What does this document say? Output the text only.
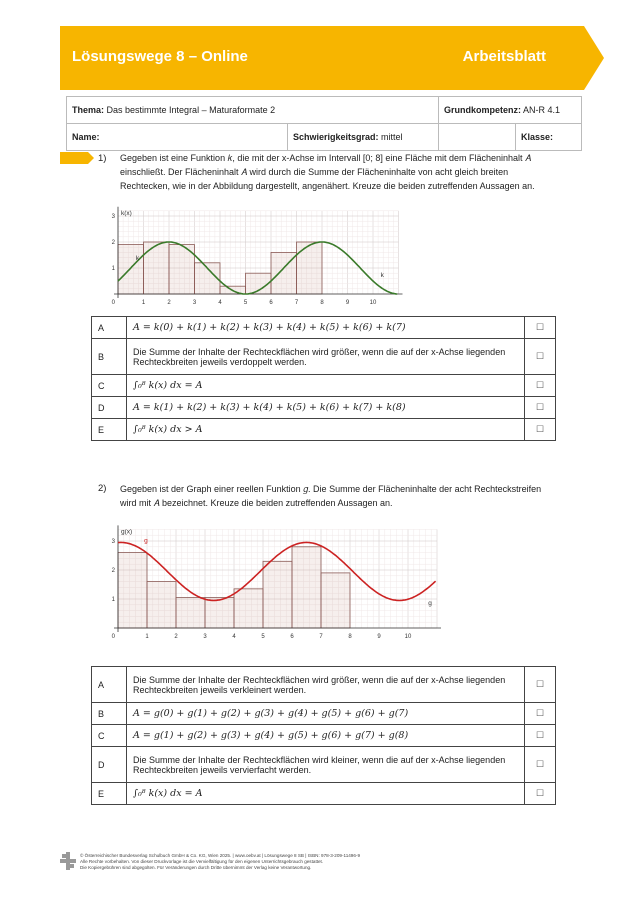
Lösungswege 8 – Online	Arbeitsblatt
Thema: Das bestimmte Integral – Maturaformate 2		Grundkompetenz: AN-R 4.1	
Name:	Schwierigkeitsgrad: mittel		Klasse:
1) Gegeben ist eine Funktion 𝑘, die mit der x-Achse im Intervall [0; 8] eine Fläche mit dem Flächeninhalt 𝐴 einschließt. Der Flächeninhalt 𝐴 wird durch die Summe der Flächeninhalte von acht gleich breiten Rechtecken, wie in der Abbildung dargestellt, angenähert. Kreuze die beiden zutreffenden Aussagen an.
1	2	3	4	5	6	7	8	9	10
1
2
3
0
k(x)
k
k
A	A = k(0) + k(1) + k(2) + k(3) + k(4) + k(5) + k(6) + k(7)	☐
B	Die Summe der Inhalte der Rechteckflächen wird größer, wenn die auf der x-Achse liegenden Rechteckbreiten jeweils verdoppelt werden.	☐
C	∫₀⁸ k(x) dx = A	☐
D	A = k(1) + k(2) + k(3) + k(4) + k(5) + k(6) + k(7) + k(8)	☐
E	∫₀⁸ k(x) dx > A	☐
2) Gegeben ist der Graph einer reellen Funktion 𝑔. Die Summe der Flächeninhalte der acht Rechteckstreifen wird mit 𝐴 bezeichnet. Kreuze die beiden zutreffenden Aussagen an.
1	2	3	4	5	6	7	8	9	10
1
2
3
0
g(x)
g
g
A	Die Summe der Inhalte der Rechteckflächen wird größer, wenn die auf der x-Achse liegenden Rechteckbreiten jeweils verkleinert werden.	☐
B	A = g(0) + g(1) + g(2) + g(3) + g(4) + g(5) + g(6) + g(7)	☐
C	A = g(1) + g(2) + g(3) + g(4) + g(5) + g(6) + g(7) + g(8)	☐
D	Die Summe der Inhalte der Rechteckflächen wird kleiner, wenn die auf der x-Achse liegenden Rechteckbreiten jeweils vervierfacht werden.	☐
E	∫₀⁸ k(x) dx = A	☐
© Österreichischer Bundesverlag Schulbuch GmbH & Co. KG, Wien 2025. | www.oebv.at | Lösungswege 8 SB | ISBN: 978-3-209-11496-9
Alle Rechte vorbehalten. Von dieser Druckvorlage ist die Vervielfältigung für den eigenen Unterrichtsgebrauch gestattet.
Die Kopiergebühren sind abgegolten. Für Veränderungen durch Dritte übernimmt der Verlag keine Verantwortung.
